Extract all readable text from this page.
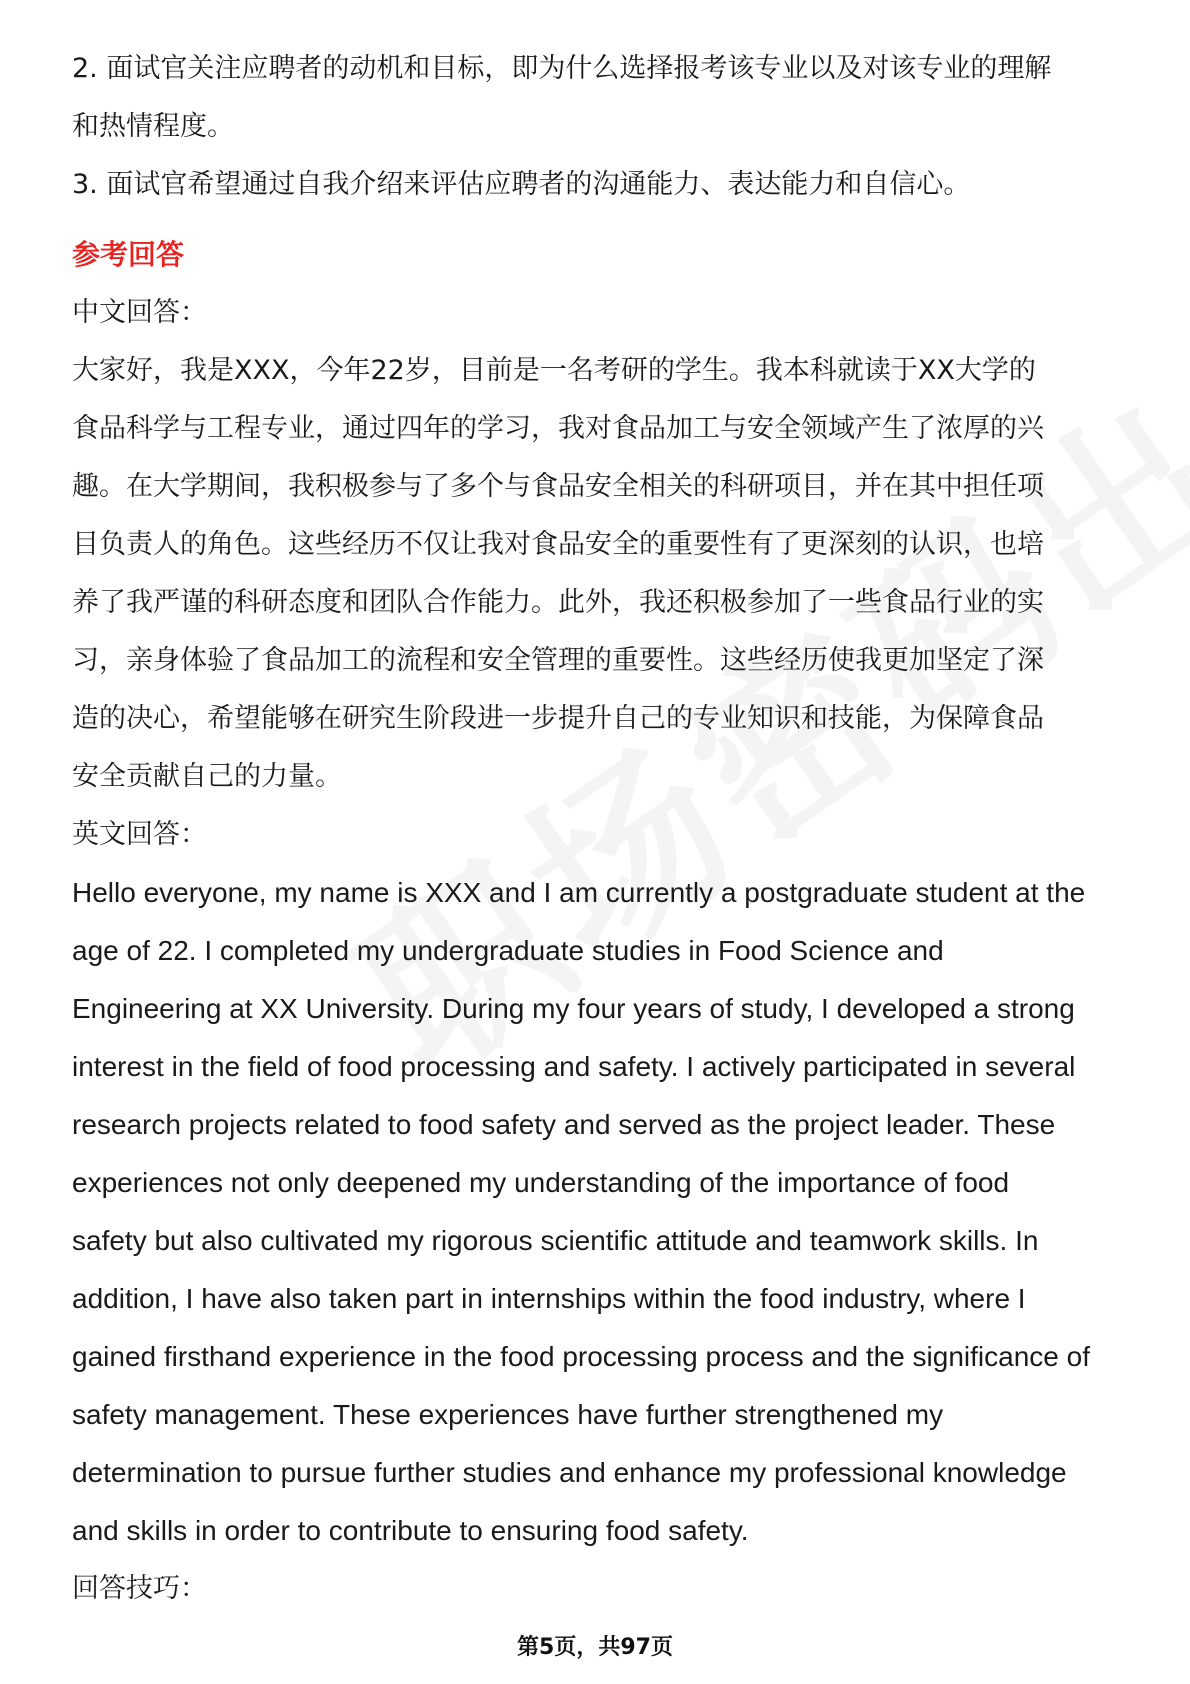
2. 面试官关注应聘者的动机和目标，即为什么选择报考该专业以及对该专业的理解
和热情程度。
3. 面试官希望通过自我介绍来评估应聘者的沟通能力、表达能力和自信心。
参考回答
中文回答：
大家好，我是XXX，今年22岁，目前是一名考研的学生。我本科就读于XX大学的
食品科学与工程专业，通过四年的学习，我对食品加工与安全领域产生了浓厚的兴
趣。在大学期间，我积极参与了多个与食品安全相关的科研项目，并在其中担任项
目负责人的角色。这些经历不仅让我对食品安全的重要性有了更深刻的认识，也培
养了我严谨的科研态度和团队合作能力。此外，我还积极参加了一些食品行业的实
习，亲身体验了食品加工的流程和安全管理的重要性。这些经历使我更加坚定了深
造的决心，希望能够在研究生阶段进一步提升自己的专业知识和技能，为保障食品
安全贡献自己的力量。
英文回答：
Hello everyone, my name is XXX and I am currently a postgraduate student at the
age of 22. I completed my undergraduate studies in Food Science and
Engineering at XX University. During my four years of study, I developed a strong
interest in the field of food processing and safety. I actively participated in several
research projects related to food safety and served as the project leader. These
experiences not only deepened my understanding of the importance of food
safety but also cultivated my rigorous scientific attitude and teamwork skills. In
addition, I have also taken part in internships within the food industry, where I
gained firsthand experience in the food processing process and the significance of
safety management. These experiences have further strengthened my
determination to pursue further studies and enhance my professional knowledge
and skills in order to contribute to ensuring food safety.
回答技巧：
第5页，共97页
